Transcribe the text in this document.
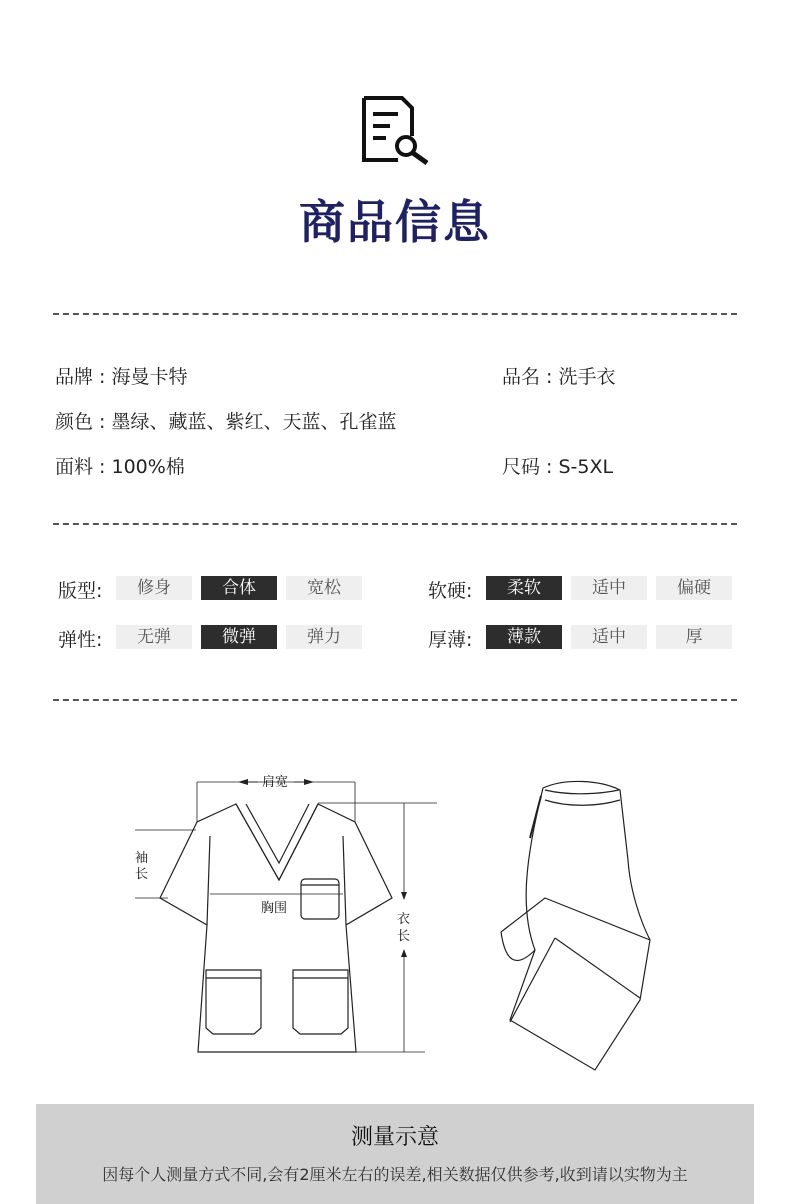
商品信息
品牌 : 海曼卡特	品名 : 洗手衣
颜色 : 墨绿、藏蓝、紫红、天蓝、孔雀蓝
面料 : 100%棉	尺码 : S-5XL
版型:	修身	合体	宽松	软硬:	柔软	适中	偏硬
弹性:	无弹	微弹	弹力	厚薄:	薄款	适中	厚
肩宽
袖
长
胸围
衣
长
测量示意
因每个人测量方式不同,会有2厘米左右的误差,相关数据仅供参考,收到请以实物为主
